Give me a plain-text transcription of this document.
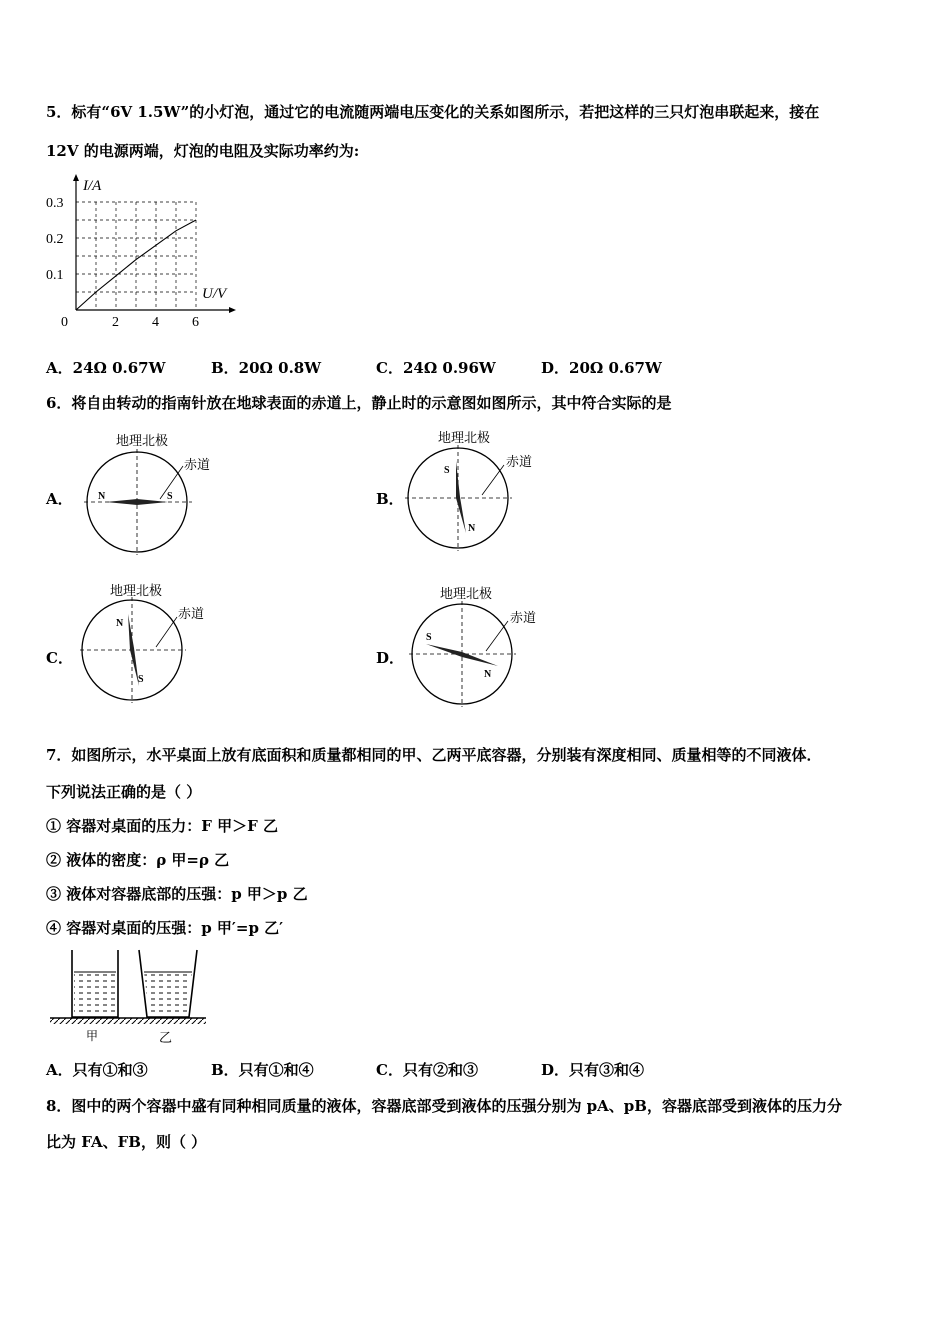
5．标有“6V 1.5W”的小灯泡，通过它的电流随两端电压变化的关系如图所示，若把这样的三只灯泡串联起来，接在
12V 的电源两端，灯泡的电阻及实际功率约为:
I/A
U/V
0	2 4 6
0.1
0.2
0.3
A．24Ω 0.67W	B．20Ω 0.8W	C．24Ω 0.96W	D．20Ω 0.67W
6．将自由转动的指南针放在地球表面的赤道上，静止时的示意图如图所示，其中符合实际的是
A．	B．
C．	D．
地理北极
赤道
N	S
地理北极
赤道
S
N
地理北极
赤道
N
S
地理北极
赤道
S
N
7．如图所示，水平桌面上放有底面积和质量都相同的甲、乙两平底容器，分别装有深度相同、质量相等的不同液体．
下列说法正确的是（ ）
① 容器对桌面的压力：F 甲＞F 乙
② 液体的密度：ρ 甲=ρ 乙
③ 液体对容器底部的压强：p 甲＞p 乙
④ 容器对桌面的压强：p 甲′=p 乙′
甲	乙
A．只有①和③	B．只有①和④	C．只有②和③	D．只有③和④
8．图中的两个容器中盛有同种相同质量的液体，容器底部受到液体的压强分别为 pA、pB，容器底部受到液体的压力分
比为 FA、FB，则（ ）
